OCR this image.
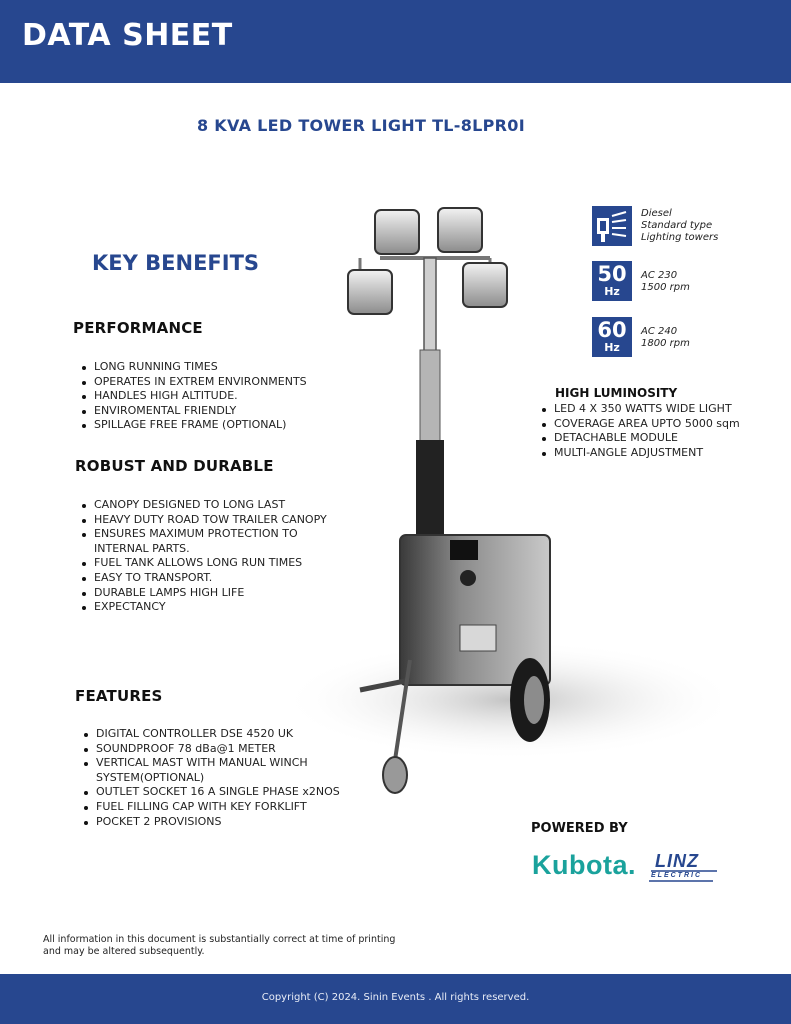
DATA SHEET
8 KVA LED TOWER LIGHT TL-8LPR0I
KEY BENEFITS
PERFORMANCE
LONG RUNNING TIMES
OPERATES IN EXTREM ENVIRONMENTS
HANDLES HIGH ALTITUDE.
ENVIROMENTAL FRIENDLY
SPILLAGE FREE FRAME (OPTIONAL)
ROBUST AND DURABLE
CANOPY DESIGNED TO LONG LAST
HEAVY DUTY ROAD TOW TRAILER CANOPY
ENSURES MAXIMUM PROTECTION TO INTERNAL PARTS.
FUEL TANK ALLOWS LONG RUN TIMES
EASY TO TRANSPORT.
DURABLE LAMPS HIGH LIFE
EXPECTANCY
FEATURES
DIGITAL CONTROLLER DSE 4520 UK
SOUNDPROOF 78 dBa@1 METER
VERTICAL MAST WITH MANUAL WINCH SYSTEM(OPTIONAL)
OUTLET SOCKET 16 A SINGLE PHASE x2NOS
FUEL FILLING CAP WITH KEY FORKLIFT
POCKET 2 PROVISIONS
Diesel
Standard type
Lighting towers
50
Hz
AC 230
1500 rpm
60
Hz
AC 240
1800 rpm
HIGH LUMINOSITY
LED 4 X 350 WATTS WIDE LIGHT
COVERAGE AREA UPTO 5000 sqm
DETACHABLE MODULE
MULTI-ANGLE ADJUSTMENT
POWERED BY
Kubota. LINZ
ELECTRIC
All information in this document is substantially correct at time of printing and may be altered subsequently.
Copyright (C) 2024. Sinin Events . All rights reserved.
